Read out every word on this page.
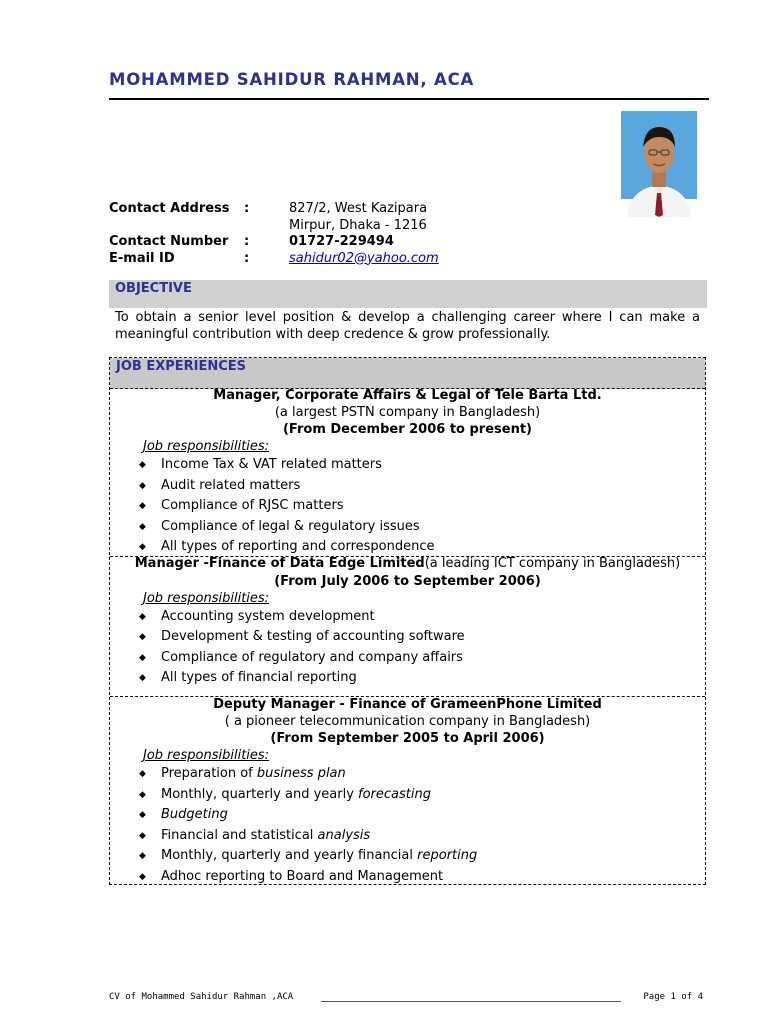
MOHAMMED SAHIDUR RAHMAN, ACA
Contact Address :	827/2, West Kazipara
Mirpur, Dhaka - 1216
Contact Number :	01727-229494
E-mail ID	:	sahidur02@yahoo.com
OBJECTIVE
To obtain a senior level position & develop a challenging career where I can make a meaningful contribution with deep credence & grow professionally.
JOB EXPERIENCES
Manager, Corporate Affairs & Legal of Tele Barta Ltd.
(a largest PSTN company in Bangladesh)
(From December 2006 to present)
Job responsibilities:
◆ Income Tax & VAT related matters
◆ Audit related matters
◆ Compliance of RJSC matters
◆ Compliance of legal & regulatory issues
◆ All types of reporting and correspondence
Manager -Finance of Data Edge Limited(a leading ICT company in Bangladesh)
(From July 2006 to September 2006)
Job responsibilities:
◆ Accounting system development
◆ Development & testing of accounting software
◆ Compliance of regulatory and company affairs
◆ All types of financial reporting
Deputy Manager - Finance of GrameenPhone Limited
( a pioneer telecommunication company in Bangladesh)
(From September 2005 to April 2006)
Job responsibilities:
◆ Preparation of business plan
◆ Monthly, quarterly and yearly forecasting
◆ Budgeting
◆ Financial and statistical analysis
◆ Monthly, quarterly and yearly financial reporting
◆ Adhoc reporting to Board and Management
CV of Mohammed Sahidur Rahman ,ACA	Page 1 of 4
